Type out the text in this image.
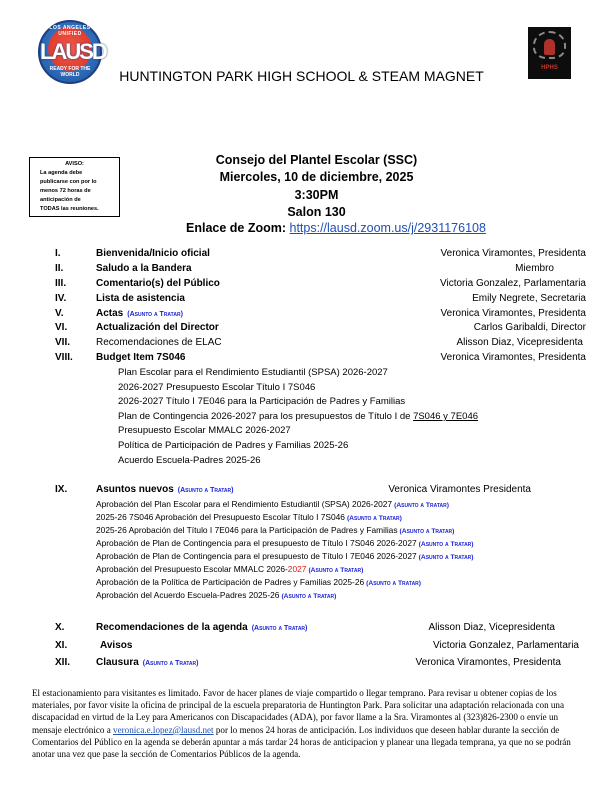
LOS ANGELES UNIFIED
LAUSD
READY FOR THE WORLD
HPHS
HUNTINGTON PARK HIGH SCHOOL & STEAM MAGNET
AVISO:
La agenda debe
publicarse con por lo
menos 72 horas de
anticipación de
TODAS las reuniones.
Consejo del Plantel Escolar (SSC)
Miercoles, 10 de diciembre, 2025
3:30PM
Salon 130
Enlace de Zoom: https://lausd.zoom.us/j/2931176108
I.	Bienvenida/Inicio oficial	Veronica Viramontes, Presidenta
II.	Saludo a la Bandera	Miembro
III.	Comentario(s) del Público	Victoria Gonzalez, Parlamentaria
IV.	Lista de asistencia	Emily Negrete, Secretaria
V.	Actas (Asunto a Tratar)	Veronica Viramontes, Presidenta
VI.	Actualización del Director	Carlos Garibaldi, Director
VII.	Recomendaciones de ELAC	Alisson Diaz, Vicepresidenta
VIII. Budget Item 7S046	Veronica Viramontes, Presidenta
Plan Escolar para el Rendimiento Estudiantil (SPSA) 2026-2027
2026-2027 Presupuesto Escolar Título I 7S046
2026-2027 Título I 7E046 para la Participación de Padres y Familias
Plan de Contingencia 2026-2027 para los presupuestos de Título I de 7S046 y 7E046
Presupuesto Escolar MMALC 2026-2027
Política de Participación de Padres y Familias 2025-26
Acuerdo Escuela-Padres 2025-26
IX.	Asuntos nuevos (Asunto a Tratar)	Veronica Viramontes Presidenta
Aprobación del Plan Escolar para el Rendimiento Estudiantil (SPSA) 2026-2027 (Asunto a Tratar)
2025-26 7S046 Aprobación del Presupuesto Escolar Título I 7S046 (Asunto a Tratar)
2025-26 Aprobación del Título I 7E046 para la Participación de Padres y Familias (Asunto a Tratar)
Aprobación de Plan de Contingencia para el presupuesto de Título I 7S046 2026-2027 (Asunto a Tratar)
Aprobación de Plan de Contingencia para el presupuesto de Título I 7E046 2026-2027 (Asunto a Tratar)
Aprobación del Presupuesto Escolar MMALC 2026-2027 (Asunto a Tratar)
Aprobación de la Política de Participación de Padres y Familias 2025-26 (Asunto a Tratar)
Aprobación del Acuerdo Escuela-Padres 2025-26 (Asunto a Tratar)
X.	Recomendaciones de la agenda (Asunto a Tratar)	Alisson Diaz, Vicepresidenta
XI.	Avisos	Victoria Gonzalez, Parlamentaria
XII.	Clausura (Asunto a Tratar)	Veronica Viramontes, Presidenta
El estacionamiento para visitantes es limitado. Favor de hacer planes de viaje compartido o llegar temprano. Para revisar u obtener copias de los materiales, por favor visite la oficina de principal de la escuela preparatoria de Huntington Park. Para solicitar una adaptación relacionada con una discapacidad en virtud de la Ley para Americanos con Discapacidades (ADA), por favor llame a la Sra. Viramontes al (323)826-2300 o envíe un mensaje electrónico a veronica.e.lopez@lausd.net por lo menos 24 horas de anticipación. Los individuos que deseen hablar durante la sección de Comentarios del Público en la agenda se deberán apuntar a más tardar 24 horas de anticipacion y planear una llegada temprana, ya que no se podrán anotar una vez que pase la sección de Comentarios Públicos de la agenda.
